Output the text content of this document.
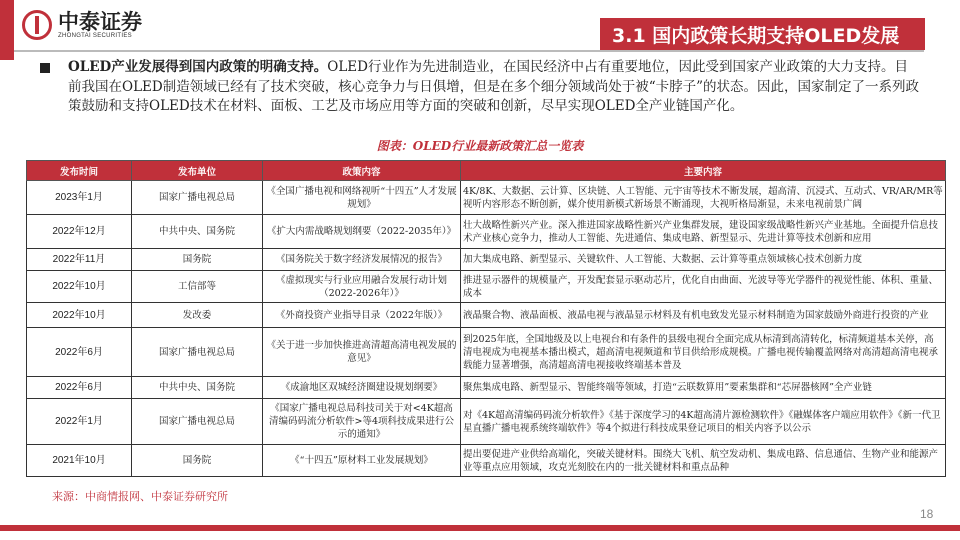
中泰证券
ZHONGTAI SECURITIES	3.1 国内政策长期支持OLED发展
OLED产业发展得到国内政策的明确支持。OLED行业作为先进制造业，在国民经济中占有重要地位，因此受到国家产业政策的大力支持。目前我国在OLED制造领域已经有了技术突破，核心竞争力与日俱增，但是在多个细分领域尚处于被“卡脖子”的状态。因此，国家制定了一系列政策鼓励和支持OLED技术在材料、面板、工艺及市场应用等方面的突破和创新，尽早实现OLED全产业链国产化。
图表：OLED行业最新政策汇总一览表
发布时间	发布单位	政策内容	主要内容
2023年1月	国家广播电视总局	《全国广播电视和网络视听“十四五”人才发展规划》	4K/8K、大数据、云计算、区块链、人工智能、元宇宙等技术不断发展，超高清、沉浸式、互动式、VR/AR/MR等视听内容形态不断创新，媒介使用新模式新场景不断涌现，大视听格局渐显，未来电视前景广阔
2022年12月	中共中央、国务院	《扩大内需战略规划纲要（2022-2035年）》	壮大战略性新兴产业。深入推进国家战略性新兴产业集群发展，建设国家级战略性新兴产业基地。全面提升信息技术产业核心竞争力，推动人工智能、先进通信、集成电路、新型显示、先进计算等技术创新和应用
2022年11月	国务院	《国务院关于数字经济发展情况的报告》	加大集成电路、新型显示、关键软件、人工智能、大数据、云计算等重点领域核心技术创新力度
2022年10月	工信部等	《虚拟现实与行业应用融合发展行动计划（2022-2026年）》	推进显示器件的规模量产，开发配套显示驱动芯片，优化自由曲面、光波导等光学器件的视觉性能、体积、重量、成本
2022年10月	发改委	《外商投资产业指导目录（2022年版）》	液晶聚合物、液晶面板、液晶电视与液晶显示材料及有机电致发光显示材料制造为国家鼓励外商进行投资的产业
2022年6月	国家广播电视总局	《关于进一步加快推进高清超高清电视发展的意见》	到2025年底，全国地级及以上电视台和有条件的县级电视台全面完成从标清到高清转化，标清频道基本关停，高清电视成为电视基本播出模式，超高清电视频道和节目供给形成规模。广播电视传输覆盖网络对高清超高清电视承载能力显著增强，高清超高清电视接收终端基本普及
2022年6月	中共中央、国务院	《成渝地区双城经济圈建设规划纲要》	聚焦集成电路、新型显示、智能终端等领域，打造“云联数算用”要素集群和“芯屏器核网”全产业链
2022年1月	国家广播电视总局	《国家广播电视总局科技司关于对<4K超高清编码码流分析软件>等4项科技成果进行公示的通知》	对《4K超高清编码码流分析软件》《基于深度学习的4K超高清片源检测软件》《融媒体客户端应用软件》《新一代卫星直播广播电视系统终端软件》等4个拟进行科技成果登记项目的相关内容予以公示
2021年10月	国务院	《“十四五”原材料工业发展规划》	提出要促进产业供给高端化，突破关键材料。围绕大飞机、航空发动机、集成电路、信息通信、生物产业和能源产业等重点应用领域，攻克光刻胶在内的一批关键材料和重点品种
来源：中商情报网、中泰证券研究所
18
